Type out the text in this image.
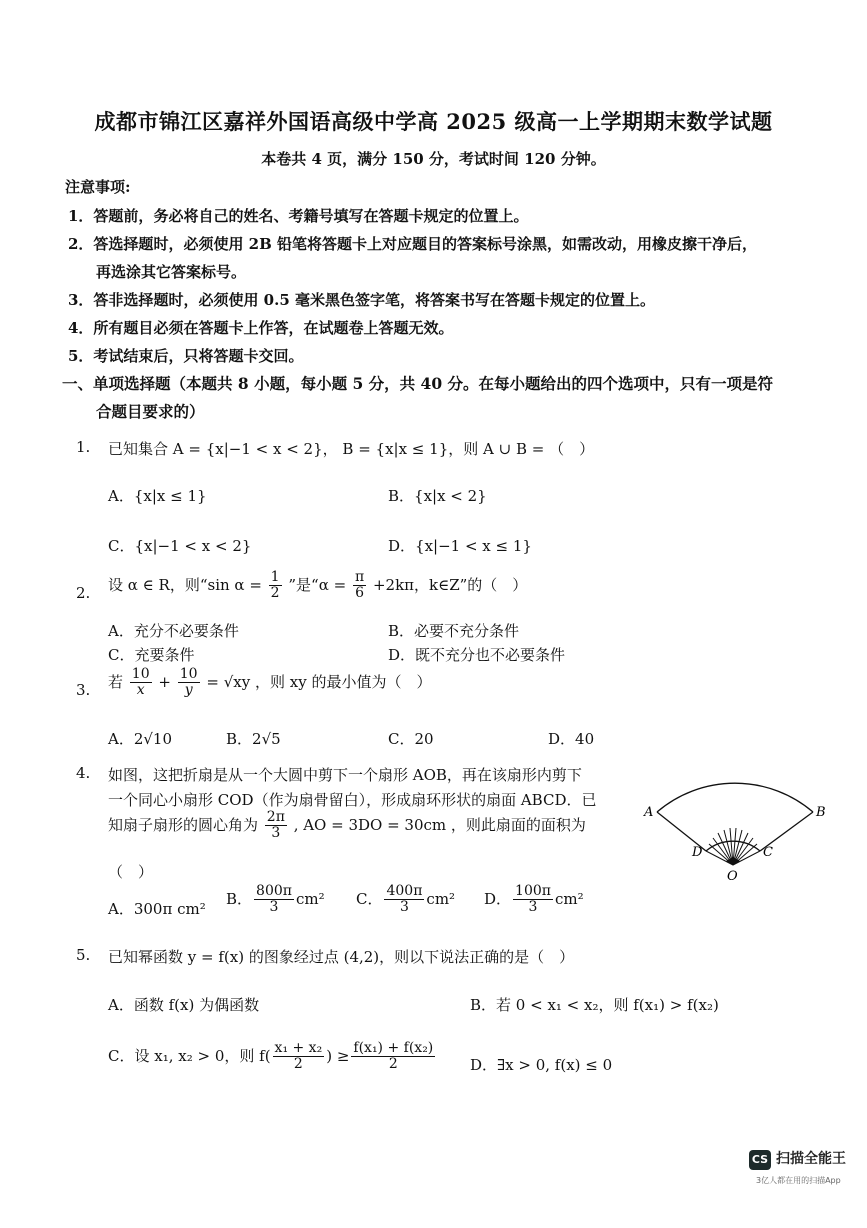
成都市锦江区嘉祥外国语高级中学高 2025 级高一上学期期末数学试题
本卷共 4 页，满分 150 分，考试时间 120 分钟。
注意事项:
1．答题前，务必将自己的姓名、考籍号填写在答题卡规定的位置上。
2．答选择题时，必须使用 2B 铅笔将答题卡上对应题目的答案标号涂黑，如需改动，用橡皮擦干净后，
再选涂其它答案标号。
3．答非选择题时，必须使用 0.5 毫米黑色签字笔，将答案书写在答题卡规定的位置上。
4．所有题目必须在答题卡上作答，在试题卷上答题无效。
5．考试结束后，只将答题卡交回。
一、单项选择题（本题共 8 小题，每小题 5 分，共 40 分。在每小题给出的四个选项中，只有一项是符
合题目要求的）
1. 已知集合 A = {x|−1 < x < 2}， B = {x|x ≤ 1}，则 A ∪ B = （　）
A．{x|x ≤ 1}	B．{x|x < 2}
C．{x|−1 < x < 2}	D．{x|−1 < x ≤ 1}
2. 设 α ∈ R，则“sin $\alpha = \frac{1}{2}$ ”是“$\alpha = \frac{\pi}{6} +2k\pi$，k∈Z”的（　）
A．充分不必要条件	B．必要不充分条件
C．充要条件	D．既不充分也不必要条件
3. 若 $\frac{10}{x} + \frac{10}{y} = √xy$ ，则 xy 的最小值为（　）
A．2√10	B．2√5	C．20	D．40
4. 如图，这把折扇是从一个大圆中剪下一个扇形 AOB，再在该扇形内剪下
一个同心小扇形 COD（作为扇骨留白），形成扇环形状的扇面 ABCD．已
知扇子扇形的圆心角为 $\frac{2\pi}{3}$ , AO = 3DO = 30cm ，则此扇面的面积为
（　）
A．300π cm²
B． $\frac{800\pi}{3} cm^2$ C． $\frac{400\pi}{3} cm^2$ D． $\frac{100\pi}{3} cm^2$
A	B
C
D
O
5. 已知幂函数 y = f(x) 的图象经过点 (4,2)，则以下说法正确的是（　）
A．函数 f(x) 为偶函数	B．若 0 < x₁ < x₂，则 f(x₁) > f(x₂)
C．设 x₁, x₂ > 0，则 $f( \frac{\text{x₁ + x₂}}{2}$ ) ≥ $\frac{\text{f(x₁) + f(x₂)}}{2}$ D．∃x > 0, f(x) ≤ 0
CS 扫描全能王
3亿人都在用的扫描App
